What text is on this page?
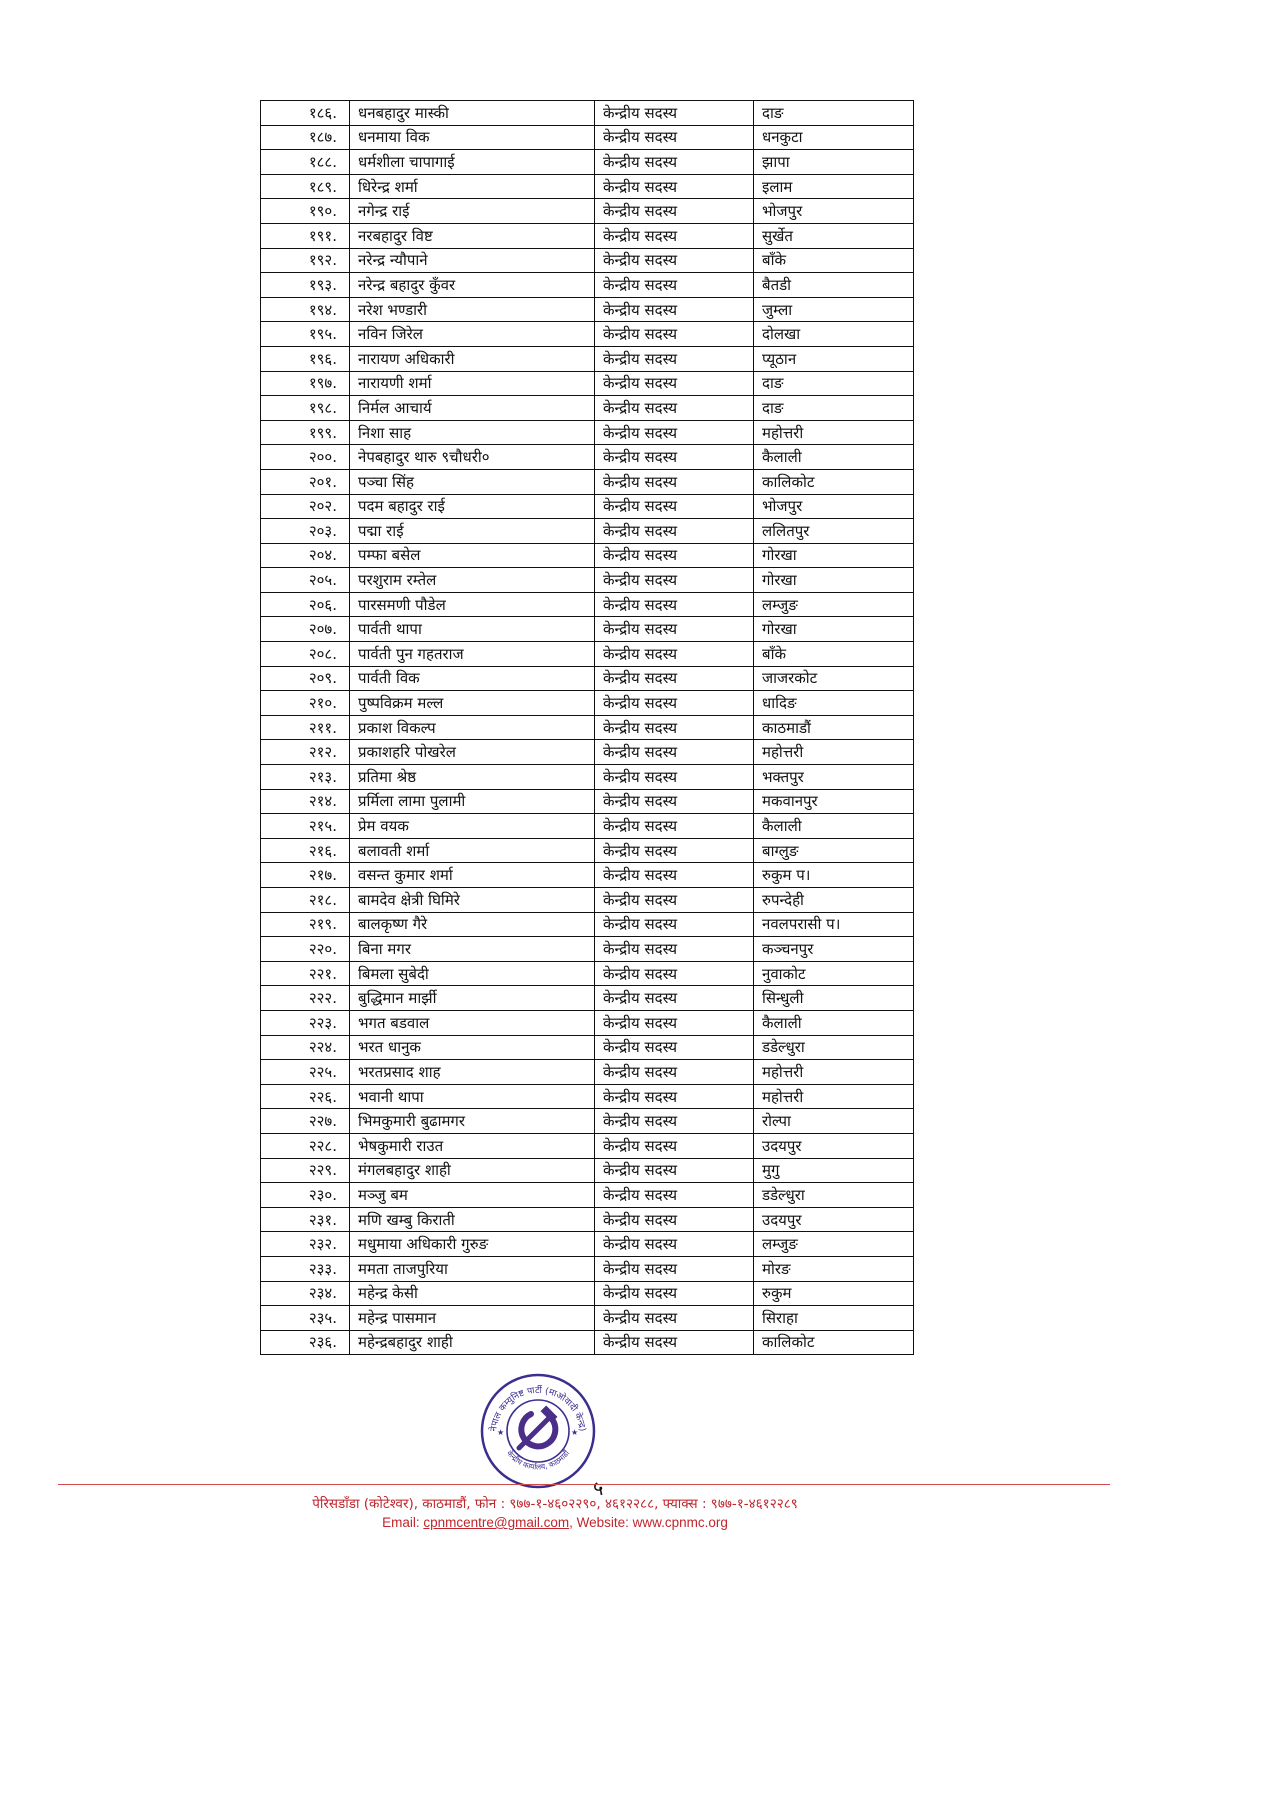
१८६.	धनबहादुर मास्की	केन्द्रीय सदस्य	दाङ
१८७.	धनमाया विक	केन्द्रीय सदस्य	धनकुटा
१८८.	धर्मशीला चापागाई	केन्द्रीय सदस्य	झापा
१८९.	धिरेन्द्र शर्मा	केन्द्रीय सदस्य	इलाम
१९०.	नगेन्द्र राई	केन्द्रीय सदस्य	भोजपुर
१९१.	नरबहादुर विष्ट	केन्द्रीय सदस्य	सुर्खेत
१९२.	नरेन्द्र न्यौपाने	केन्द्रीय सदस्य	बाँके
१९३.	नरेन्द्र बहादुर कुँवर	केन्द्रीय सदस्य	बैतडी
१९४.	नरेश भण्डारी	केन्द्रीय सदस्य	जुम्ला
१९५.	नविन जिरेल	केन्द्रीय सदस्य	दोलखा
१९६.	नारायण अधिकारी	केन्द्रीय सदस्य	प्यूठान
१९७.	नारायणी शर्मा	केन्द्रीय सदस्य	दाङ
१९८.	निर्मल आचार्य	केन्द्रीय सदस्य	दाङ
१९९.	निशा साह	केन्द्रीय सदस्य	महोत्तरी
२००.	नेपबहादुर थारु ९चौधरी०	केन्द्रीय सदस्य	कैलाली
२०१.	पञ्चा सिंह	केन्द्रीय सदस्य	कालिकोट
२०२.	पदम बहादुर राई	केन्द्रीय सदस्य	भोजपुर
२०३.	पद्मा राई	केन्द्रीय सदस्य	ललितपुर
२०४.	पम्फा बसेल	केन्द्रीय सदस्य	गोरखा
२०५.	परशुराम रम्तेल	केन्द्रीय सदस्य	गोरखा
२०६.	पारसमणी पौडेल	केन्द्रीय सदस्य	लम्जुङ
२०७.	पार्वती थापा	केन्द्रीय सदस्य	गोरखा
२०८.	पार्वती पुन गहतराज	केन्द्रीय सदस्य	बाँके
२०९.	पार्वती विक	केन्द्रीय सदस्य	जाजरकोट
२१०.	पुष्पविक्रम मल्ल	केन्द्रीय सदस्य	धादिङ
२११.	प्रकाश विकल्प	केन्द्रीय सदस्य	काठमाडौं
२१२.	प्रकाशहरि पोखरेल	केन्द्रीय सदस्य	महोत्तरी
२१३.	प्रतिमा श्रेष्ठ	केन्द्रीय सदस्य	भक्तपुर
२१४.	प्रर्मिला लामा पुलामी	केन्द्रीय सदस्य	मकवानपुर
२१५.	प्रेम वयक	केन्द्रीय सदस्य	कैलाली
२१६.	बलावती शर्मा	केन्द्रीय सदस्य	बाग्लुङ
२१७.	वसन्त कुमार शर्मा	केन्द्रीय सदस्य	रुकुम प।
२१८.	बामदेव क्षेत्री घिमिरे	केन्द्रीय सदस्य	रुपन्देही
२१९.	बालकृष्ण गैरे	केन्द्रीय सदस्य	नवलपरासी प।
२२०.	बिना मगर	केन्द्रीय सदस्य	कञ्चनपुर
२२१.	बिमला सुबेदी	केन्द्रीय सदस्य	नुवाकोट
२२२.	बुद्धिमान मार्झी	केन्द्रीय सदस्य	सिन्धुली
२२३.	भगत बडवाल	केन्द्रीय सदस्य	कैलाली
२२४.	भरत धानुक	केन्द्रीय सदस्य	डडेल्धुरा
२२५.	भरतप्रसाद शाह	केन्द्रीय सदस्य	महोत्तरी
२२६.	भवानी थापा	केन्द्रीय सदस्य	महोत्तरी
२२७.	भिमकुमारी बुढामगर	केन्द्रीय सदस्य	रोल्पा
२२८.	भेषकुमारी राउत	केन्द्रीय सदस्य	उदयपुर
२२९.	मंगलबहादुर शाही	केन्द्रीय सदस्य	मुगु
२३०.	मञ्जु बम	केन्द्रीय सदस्य	डडेल्धुरा
२३१.	मणि खम्बु किराती	केन्द्रीय सदस्य	उदयपुर
२३२.	मधुमाया अधिकारी गुरुङ	केन्द्रीय सदस्य	लम्जुङ
२३३.	ममता ताजपुरिया	केन्द्रीय सदस्य	मोरङ
२३४.	महेन्द्र केसी	केन्द्रीय सदस्य	रुकुम
२३५.	महेन्द्र पासमान	केन्द्रीय सदस्य	सिराहा
२३६.	महेन्द्रबहादुर शाही	केन्द्रीय सदस्य	कालिकोट
नेपाल कम्युनिष्ट पार्टी (माओवादी केन्द्र)
केन्द्रीय कार्यालय, काठमाडौं
★	★
५
पेरिसडाँडा (कोटेश्वर), काठमाडौं, फोन : ९७७-१-४६०२२९०, ४६१२२८८, फ्याक्स : ९७७-१-४६१२२८९
Email: cpnmcentre@gmail.com, Website: www.cpnmc.org
